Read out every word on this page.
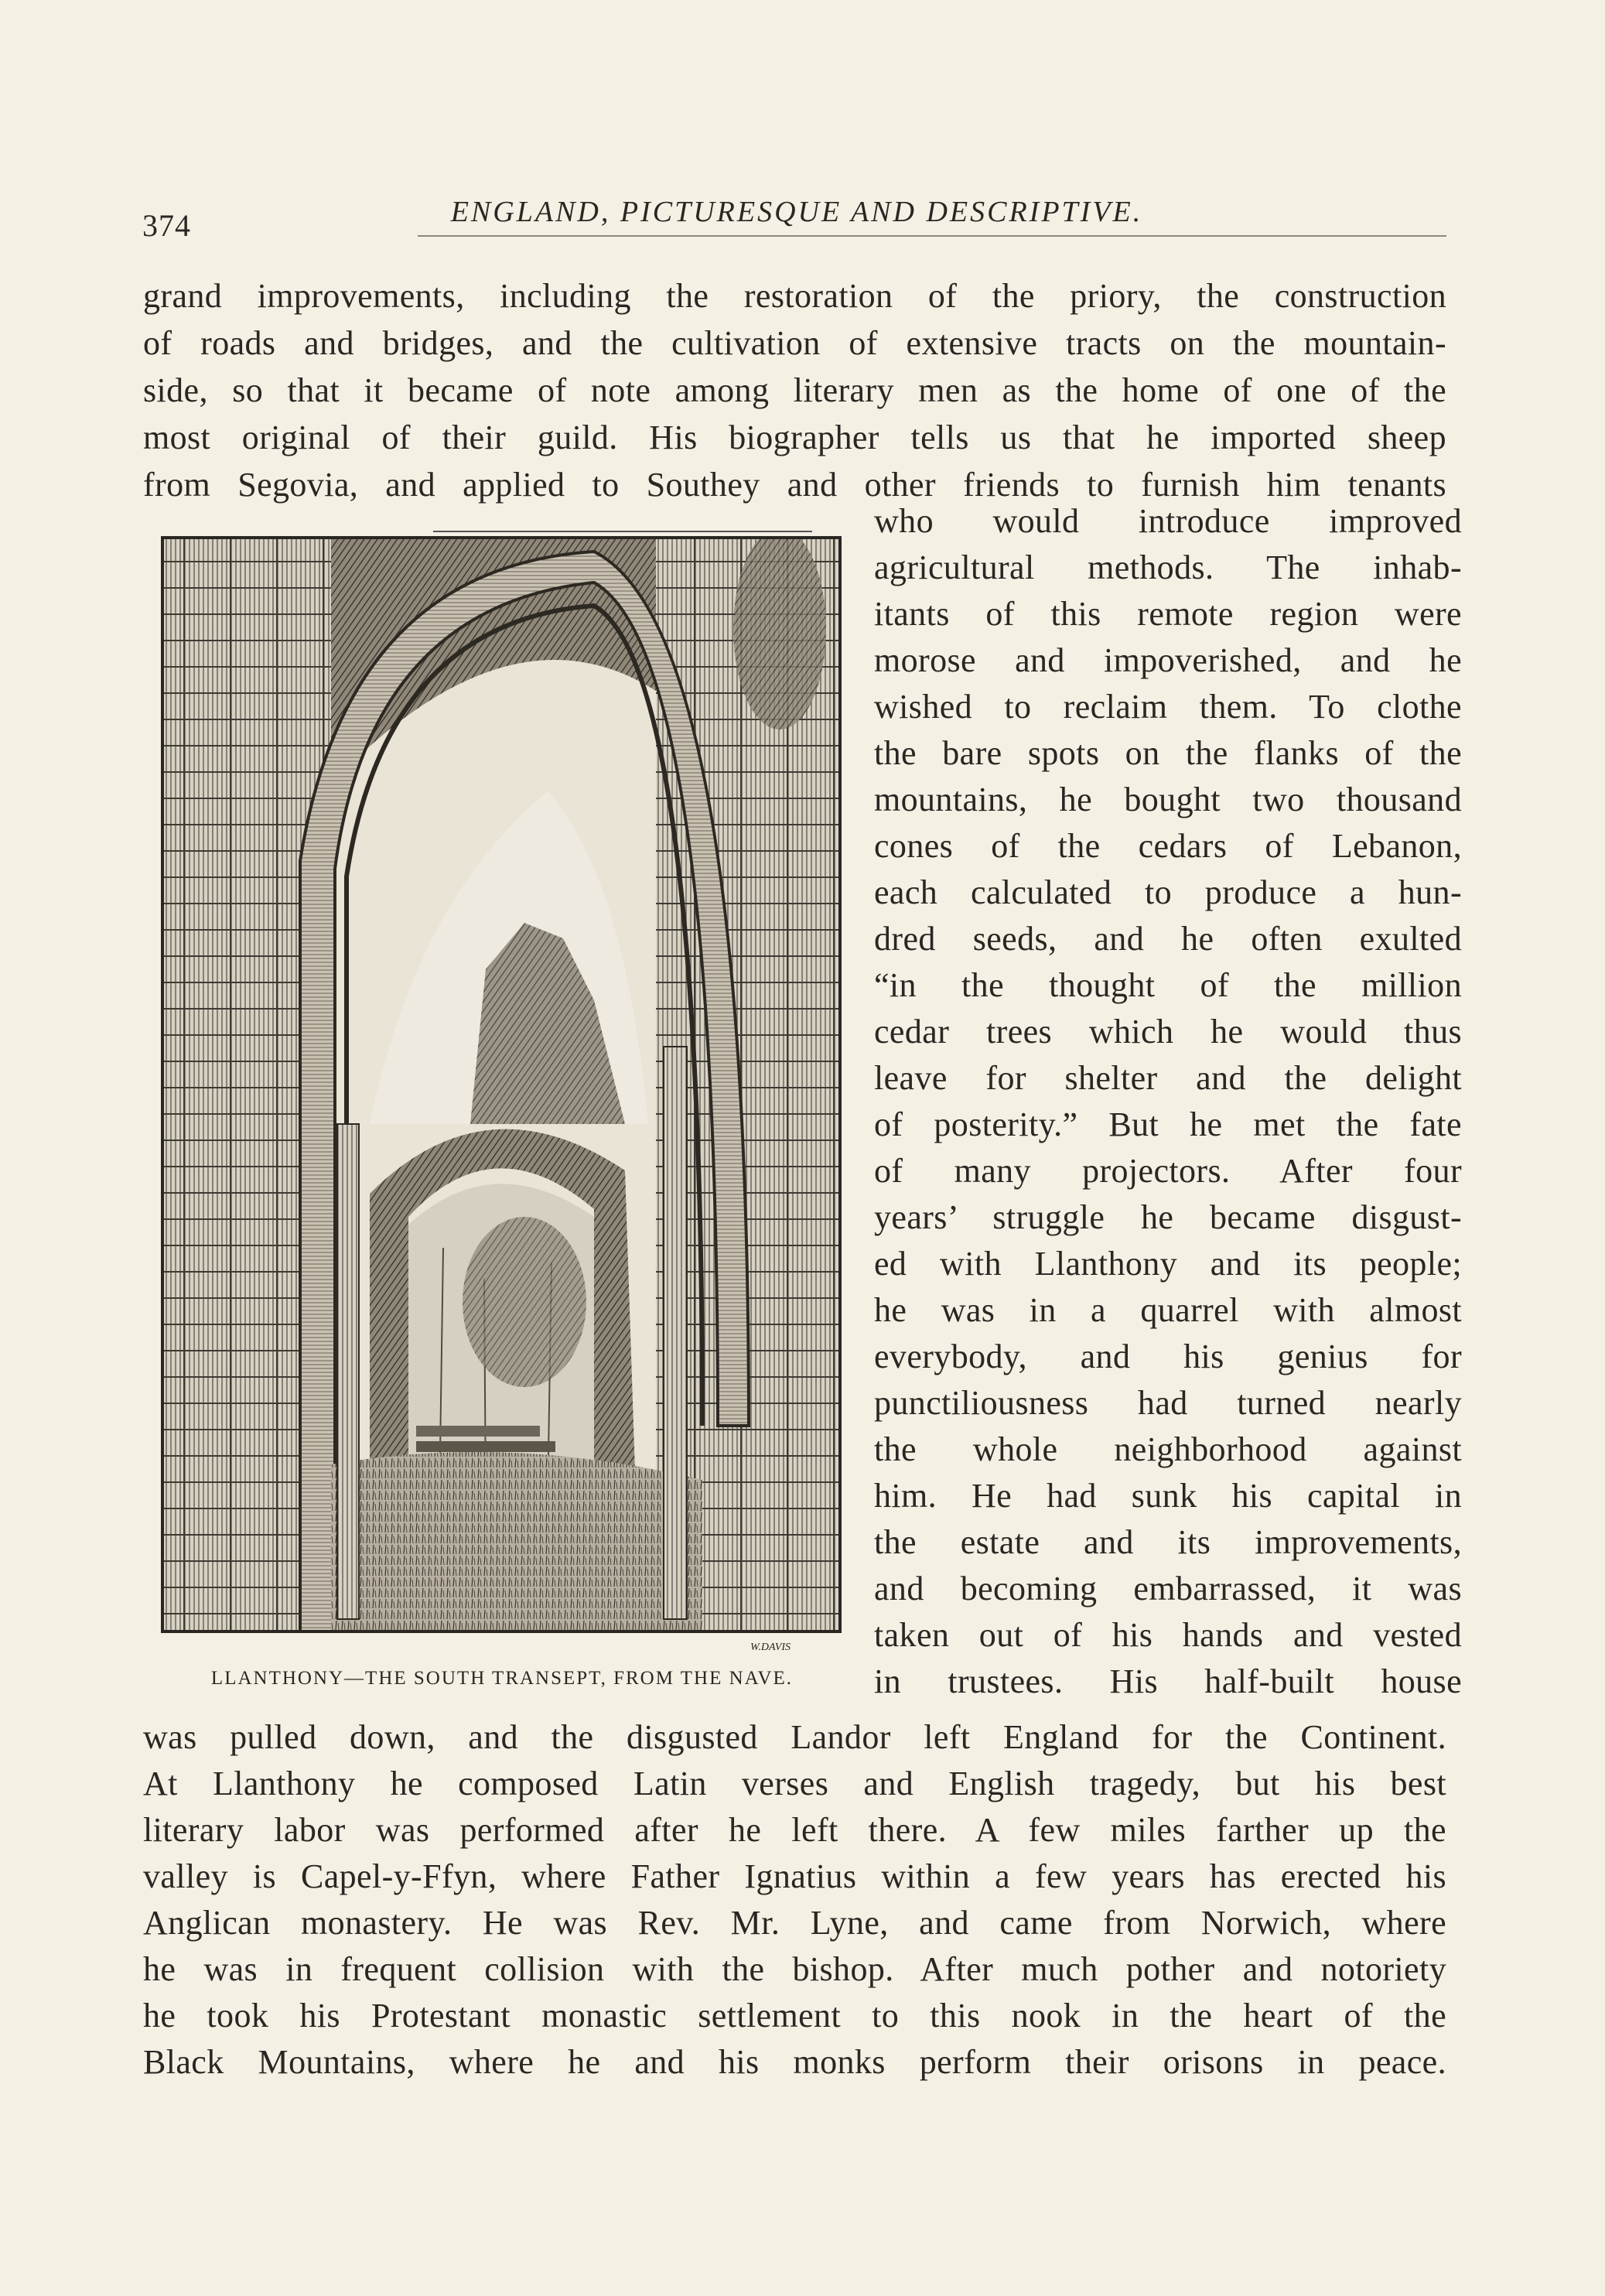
374	ENGLAND, PICTURESQUE AND DESCRIPTIVE.
grand improvements, including the restoration of the priory, the construction
of roads and bridges, and the cultivation of extensive tracts on the mountain-
side, so that it became of note among literary men as the home of one of the
most original of their guild. His biographer tells us that he imported sheep
from Segovia, and applied to Southey and other friends to furnish him tenants
W.DAVIS
LLANTHONY—THE SOUTH TRANSEPT, FROM THE NAVE.
who would introduce improved
agricultural methods. The inhab-
itants of this remote region were
morose and impoverished, and he
wished to reclaim them. To clothe
the bare spots on the flanks of the
mountains, he bought two thousand
cones of the cedars of Lebanon,
each calculated to produce a hun-
dred seeds, and he often exulted
“in the thought of the million
cedar trees which he would thus
leave for shelter and the delight
of posterity.” But he met the fate
of many projectors. After four
years’ struggle he became disgust-
ed with Llanthony and its people;
he was in a quarrel with almost
everybody, and his genius for
punctiliousness had turned nearly
the whole neighborhood against
him. He had sunk his capital in
the estate and its improvements,
and becoming embarrassed, it was
taken out of his hands and vested
in trustees. His half-built house
was pulled down, and the disgusted Landor left England for the Continent.
At Llanthony he composed Latin verses and English tragedy, but his best
literary labor was performed after he left there. A few miles farther up the
valley is Capel-y-Ffyn, where Father Ignatius within a few years has erected his
Anglican monastery. He was Rev. Mr. Lyne, and came from Norwich, where
he was in frequent collision with the bishop. After much pother and notoriety
he took his Protestant monastic settlement to this nook in the heart of the
Black Mountains, where he and his monks perform their orisons in peace.
